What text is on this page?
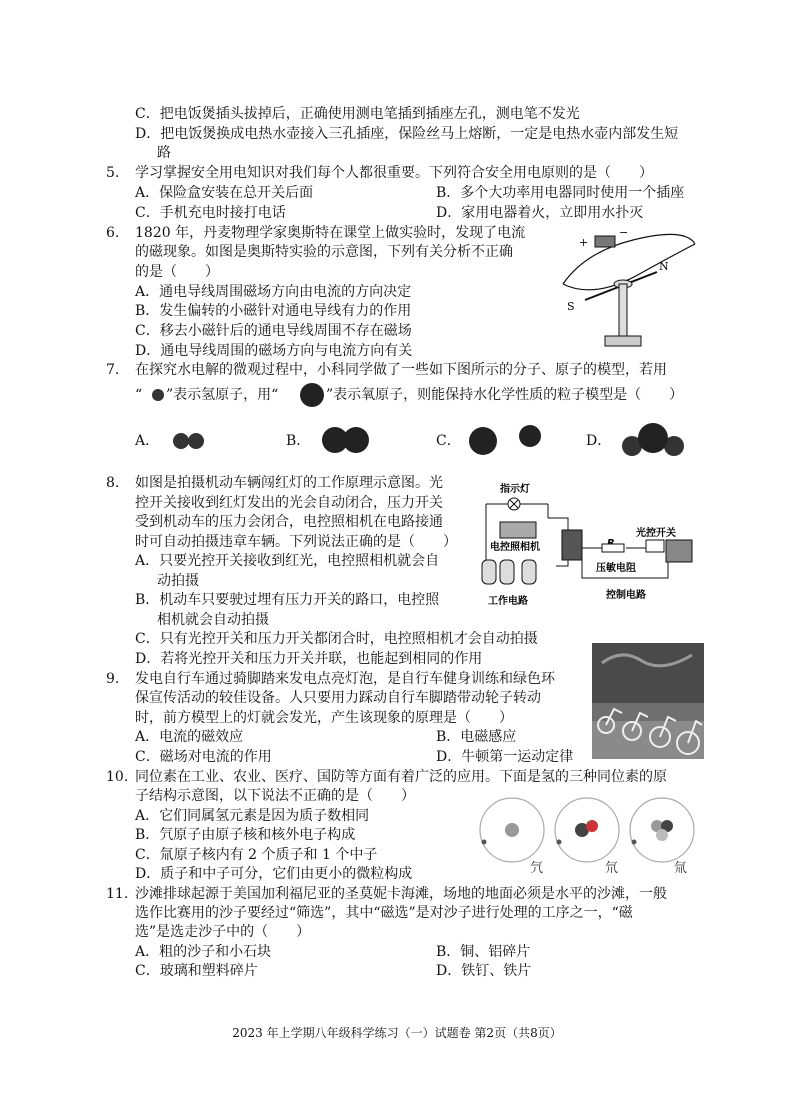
C．把电饭煲插头拔掉后，正确使用测电笔插到插座左孔，测电笔不发光
D．把电饭煲换成电热水壶接入三孔插座，保险丝马上熔断，一定是电热水壶内部发生短
路
5. 学习掌握安全用电知识对我们每个人都很重要。下列符合安全用电原则的是（　　）
A．保险盒安装在总开关后面	B．多个大功率用电器同时使用一个插座
C．手机充电时接打电话	D．家用电器着火，立即用水扑灭
6. 1820 年，丹麦物理学家奥斯特在课堂上做实验时，发现了电流
的磁现象。如图是奥斯特实验的示意图，下列有关分析不正确
的是（　　）
A．通电导线周围磁场方向由电流的方向决定
B．发生偏转的小磁针对通电导线有力的作用
C．移去小磁针后的通电导线周围不存在磁场
D．通电导线周围的磁场方向与电流方向有关
+
−
N
S
7. 在探究水电解的微观过程中，小科同学做了一些如下图所示的分子、原子的模型，若用
“ ”表示氢原子，用“	”表示氧原子，则能保持水化学性质的粒子模型是（　　）
A．	B．	C．	D．
8. 如图是拍摄机动车辆闯红灯的工作原理示意图。光
控开关接收到红灯发出的光会自动闭合，压力开关
受到机动车的压力会闭合，电控照相机在电路接通
时可自动拍摄违章车辆。下列说法正确的是（　　）
A．只要光控开关接收到红光，电控照相机就会自
动拍摄
B．机动车只要驶过埋有压力开关的路口，电控照
相机就会自动拍摄
C．只有光控开关和压力开关都闭合时，电控照相机才会自动拍摄
D．若将光控开关和压力开关并联，也能起到相同的作用
指示灯
电控照相机
工作电路
光控开关
压敏电阻
控制电路
9. 发电自行车通过骑脚踏来发电点亮灯泡，是自行车健身训练和绿色环
保宣传活动的较佳设备。人只要用力踩动自行车脚踏带动轮子转动
时，前方模型上的灯就会发光，产生该现象的原理是（　　）
A．电流的磁效应	B．电磁感应
C．磁场对电流的作用	D．牛顿第一运动定律
10. 同位素在工业、农业、医疗、国防等方面有着广泛的应用。下面是氢的三种同位素的原
子结构示意图，以下说法不正确的是（　　）
A．它们同属氢元素是因为质子数相同
B．氕原子由原子核和核外电子构成
C．氚原子核内有 2 个质子和 1 个中子
D．质子和中子可分，它们由更小的微粒构成	氕	氘	氚
11. 沙滩排球起源于美国加利福尼亚的圣莫妮卡海滩，场地的地面必须是水平的沙滩，一般
选作比赛用的沙子要经过“筛选”，其中“磁选”是对沙子进行处理的工序之一，“磁
选”是选走沙子中的（　　）
A．粗的沙子和小石块	B．铜、铝碎片
C．玻璃和塑料碎片	D．铁钉、铁片
2023 年上学期八年级科学练习（一）试题卷 第2页（共8页）
